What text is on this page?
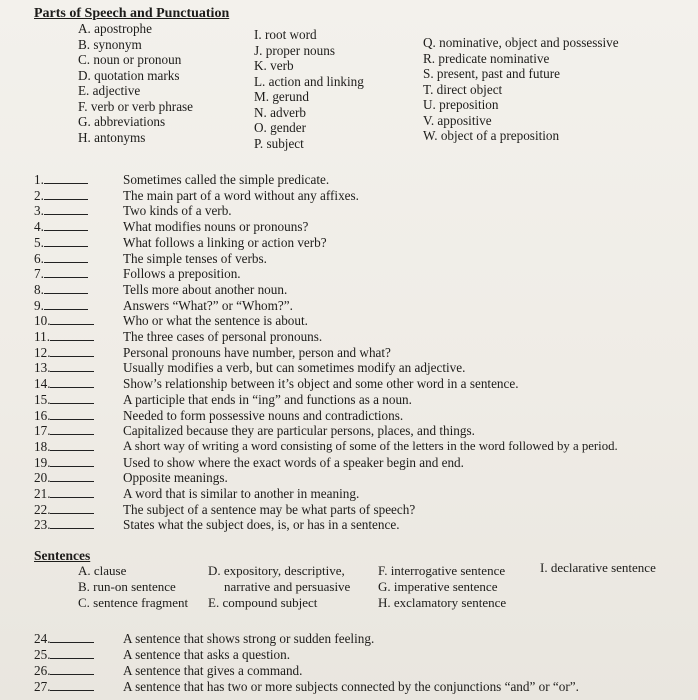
Parts of Speech and Punctuation
A. apostrophe
B. synonym
C. noun or pronoun
D. quotation marks
E. adjective
F. verb or verb phrase
G. abbreviations
H. antonyms
I. root word
J. proper nouns
K. verb
L. action and linking
M. gerund
N. adverb
O. gender
P. subject
Q. nominative, object and possessive
R. predicate nominative
S. present, past and future
T. direct object
U. preposition
V. appositive
W. object of a preposition
1.	Sometimes called the simple predicate.
2.	The main part of a word without any affixes.
3.	Two kinds of a verb.
4.	What modifies nouns or pronouns?
5.	What follows a linking or action verb?
6.	The simple tenses of verbs.
7.	Follows a preposition.
8.	Tells more about another noun.
9.	Answers “What?” or “Whom?”.
10.	Who or what the sentence is about.
11.	The three cases of personal pronouns.
12.	Personal pronouns have number, person and what?
13.	Usually modifies a verb, but can sometimes modify an adjective.
14.	Show’s relationship between it’s object and some other word in a sentence.
15.	A participle that ends in “ing” and functions as a noun.
16.	Needed to form possessive nouns and contradictions.
17.	Capitalized because they are particular persons, places, and things.
18.	A short way of writing a word consisting of some of the letters in the word followed by a period.
19.	Used to show where the exact words of a speaker begin and end.
20.	Opposite meanings.
21.	A word that is similar to another in meaning.
22.	The subject of a sentence may be what parts of speech?
23.	States what the subject does, is, or has in a sentence.
Sentences
A. clause
B. run-on sentence
C. sentence fragment
D. expository, descriptive,
narrative and persuasive
E. compound subject
F. interrogative sentence
G. imperative sentence
H. exclamatory sentence
I. declarative sentence
24.	A sentence that shows strong or sudden feeling.
25.	A sentence that asks a question.
26.	A sentence that gives a command.
27.	A sentence that has two or more subjects connected by the conjunctions “and” or “or”.
